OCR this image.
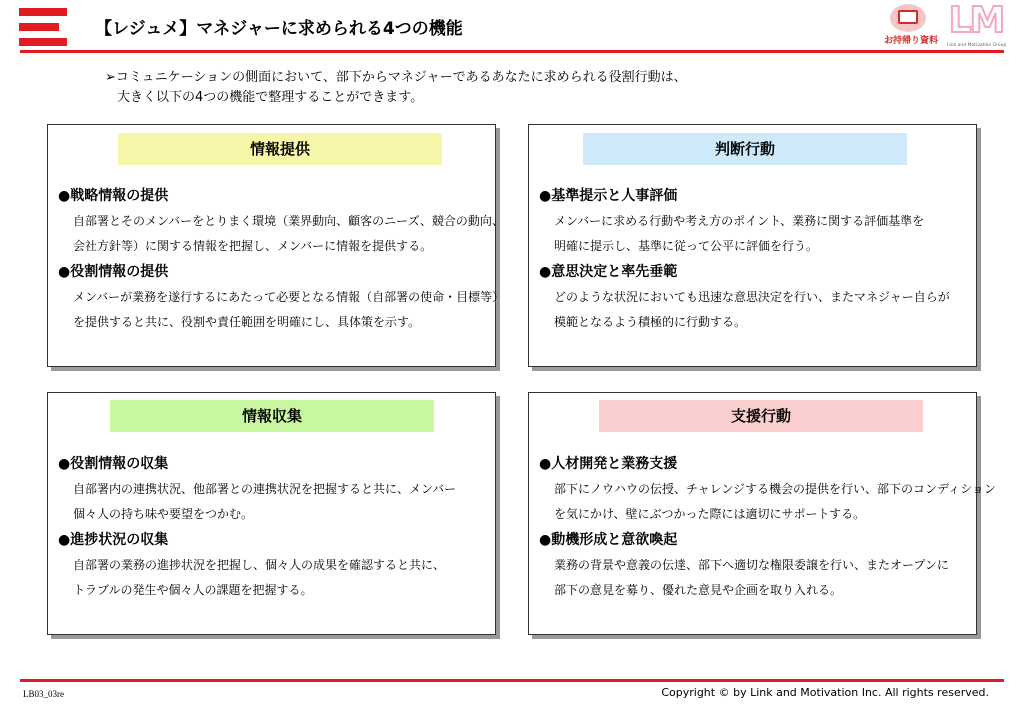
【レジュメ】マネジャーに求められる4つの機能
お持帰り資料 LM
Link and Motivation Group
➢コミュニケーションの側面において、部下からマネジャーであるあなたに求められる役割行動は、
大きく以下の4つの機能で整理することができます。
情報提供
●戦略情報の提供
自部署とそのメンバーをとりまく環境（業界動向、顧客のニーズ、競合の動向、
会社方針等）に関する情報を把握し、メンバーに情報を提供する。
●役割情報の提供
メンバーが業務を遂行するにあたって必要となる情報（自部署の使命・目標等）
を提供すると共に、役割や責任範囲を明確にし、具体策を示す。
判断行動
●基準提示と人事評価
メンバーに求める行動や考え方のポイント、業務に関する評価基準を
明確に提示し、基準に従って公平に評価を行う。
●意思決定と率先垂範
どのような状況においても迅速な意思決定を行い、またマネジャー自らが
模範となるよう積極的に行動する。
情報収集
●役割情報の収集
自部署内の連携状況、他部署との連携状況を把握すると共に、メンバー
個々人の持ち味や要望をつかむ。
●進捗状況の収集
自部署の業務の進捗状況を把握し、個々人の成果を確認すると共に、
トラブルの発生や個々人の課題を把握する。
支援行動
●人材開発と業務支援
部下にノウハウの伝授、チャレンジする機会の提供を行い、部下のコンディション
を気にかけ、壁にぶつかった際には適切にサポートする。
●動機形成と意欲喚起
業務の背景や意義の伝達、部下へ適切な権限委譲を行い、またオープンに
部下の意見を募り、優れた意見や企画を取り入れる。
LB03_03re	Copyright © by Link and Motivation Inc. All rights reserved.
